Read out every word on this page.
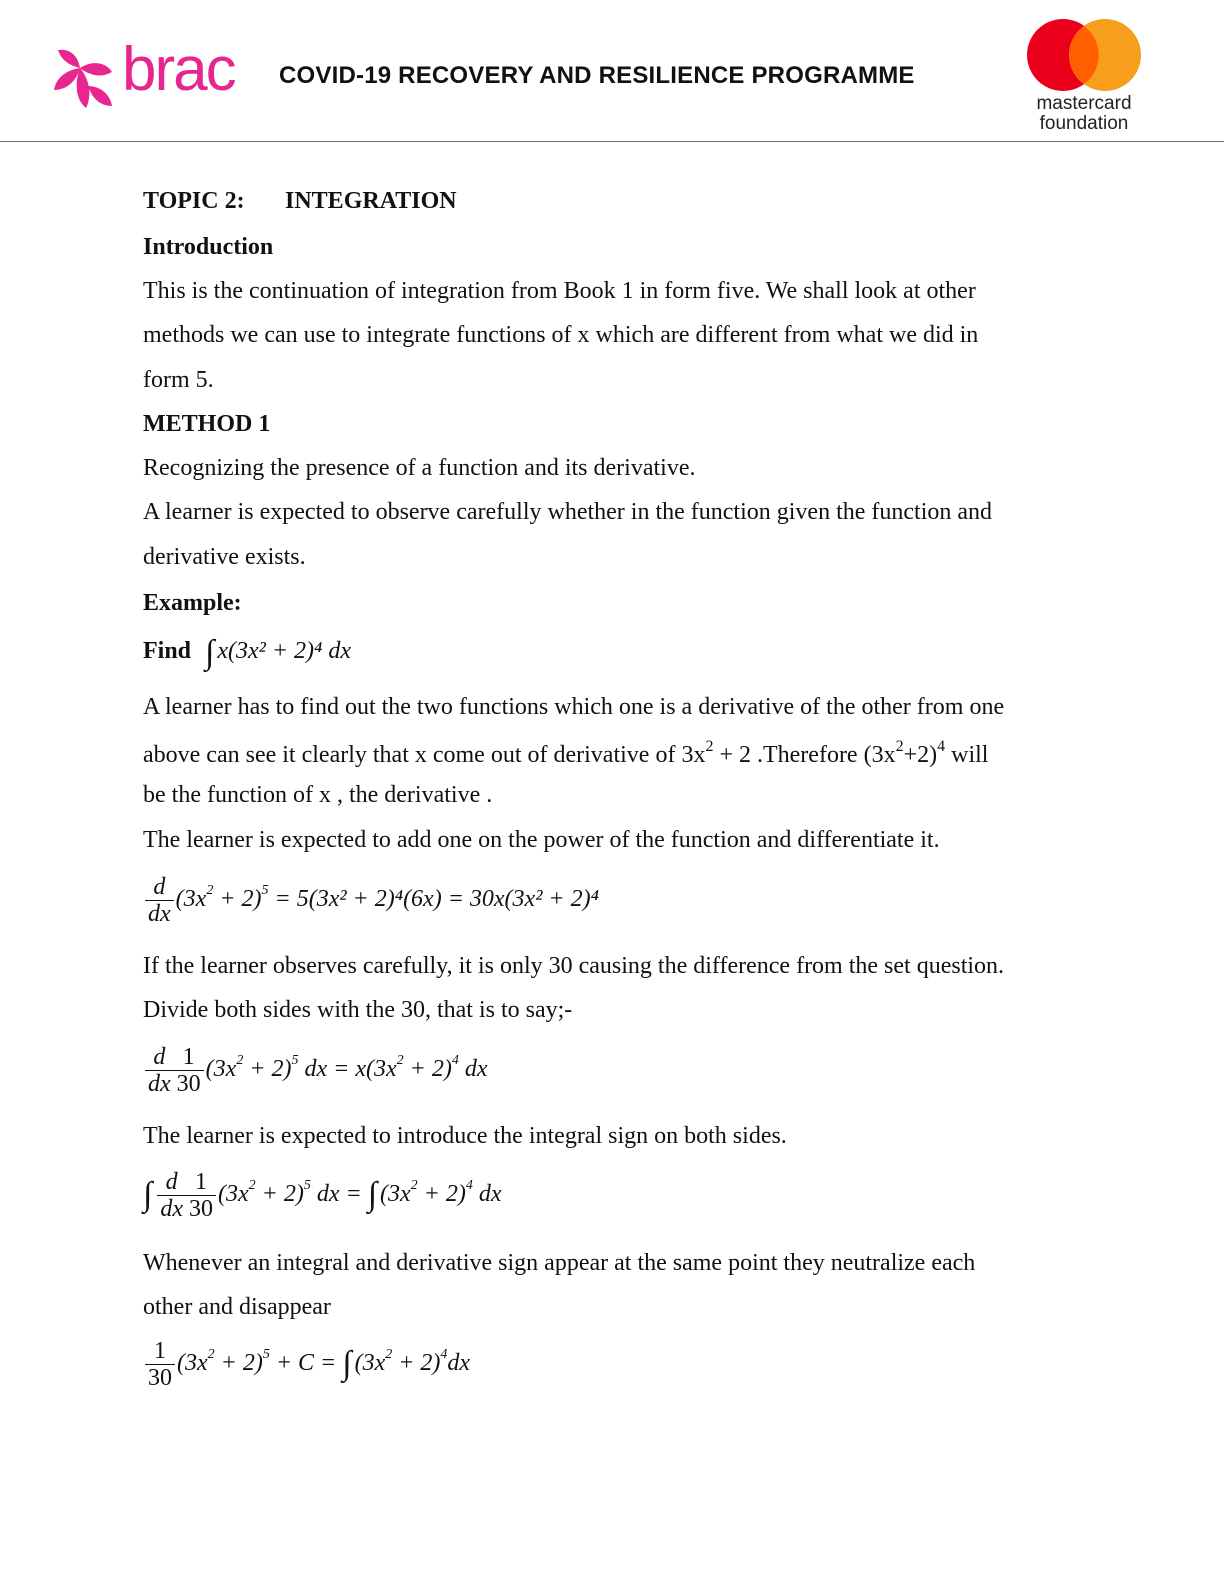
brac COVID-19 RECOVERY AND RESILIENCE PROGRAMME
mastercard
foundation
TOPIC 2: INTEGRATION
Introduction
This is the continuation of integration from Book 1 in form five. We shall look at other
methods we can use to integrate functions of x which are different from what we did in
form 5.
METHOD 1
Recognizing the presence of a function and its derivative.
A learner is expected to observe carefully whether in the function given the function and
derivative exists.
Example:
Find ∫ x(3x² + 2)⁴ dx
A learner has to find out the two functions which one is a derivative of the other from one
above can see it clearly that x come out of derivative of $3x^2 + 2$ .Therefore $(3x^2+2)^4$ will
be the function of x , the derivative .
The learner is expected to add one on the power of the function and differentiate it.
$\frac{d}{dx} (3x^2 + 2)^5 = 5(3x^2 + 2)^4(6x) = 30x(3x^2 + 2)^4$
If the learner observes carefully, it is only 30 causing the difference from the set question.
Divide both sides with the 30, that is to say;-
$\frac{d}{dx} \frac{1}{30} (3x^2 + 2)^5$ dx = $x(3x^2 + 2)^4$ dx
The learner is expected to introduce the integral sign on both sides.
∫ $\frac{d}{dx} \frac{1}{30} (3x^2 + 2)^5$ dx = ∫ $(3x^2 + 2)^4$ dx
Whenever an integral and derivative sign appear at the same point they neutralize each
other and disappear
$\frac{1}{30} (3x^2 + 2)^5 + C$ = ∫ $(3x^2 + 2)^4dx$
